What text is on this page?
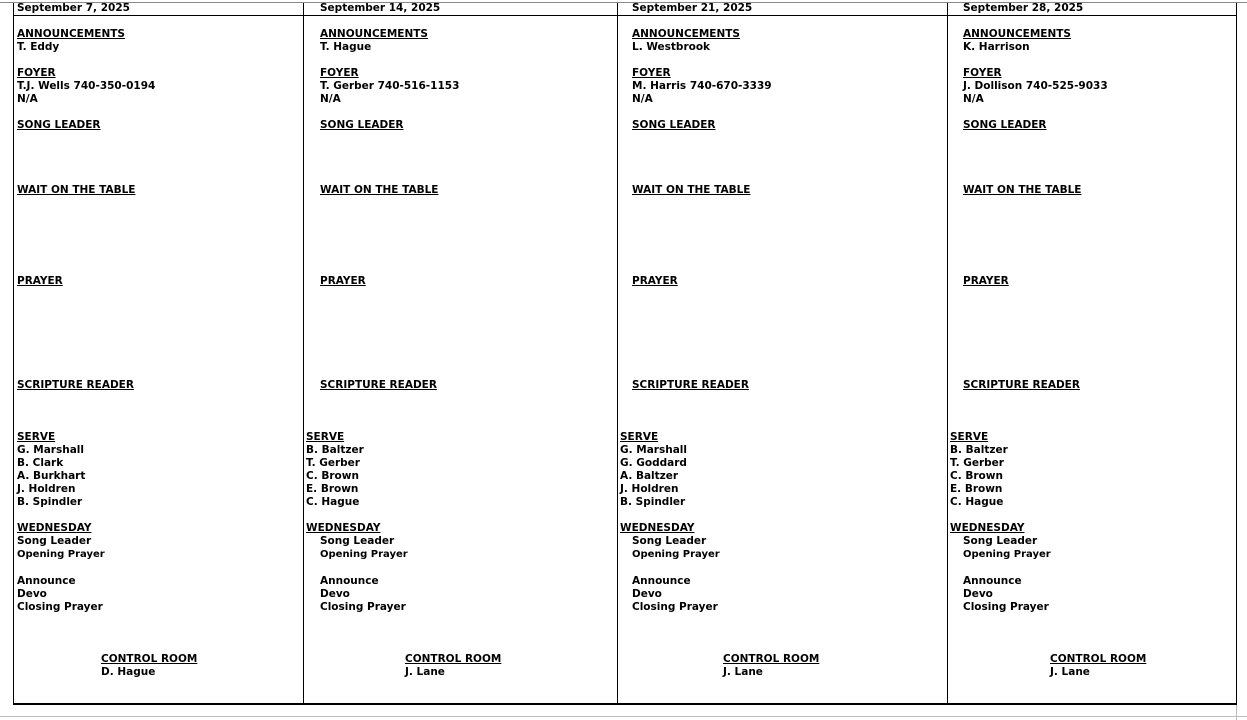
September 7, 2025
ANNOUNCEMENTS
T. Eddy
FOYER
T.J. Wells 740-350-0194
N/A
SONG LEADER
WAIT ON THE TABLE
PRAYER
SCRIPTURE READER
SERVE
G. Marshall
B. Clark
A. Burkhart
J. Holdren
B. Spindler
WEDNESDAY
Song Leader
Opening Prayer
Announce
Devo
Closing Prayer
CONTROL ROOM
D. Hague
September 14, 2025
ANNOUNCEMENTS
T. Hague
FOYER
T. Gerber 740-516-1153
N/A
SONG LEADER
WAIT ON THE TABLE
PRAYER
SCRIPTURE READER
SERVE
B. Baltzer
T. Gerber
C. Brown
E. Brown
C. Hague
WEDNESDAY
Song Leader
Opening Prayer
Announce
Devo
Closing Prayer
CONTROL ROOM
J. Lane
September 21, 2025
ANNOUNCEMENTS
L. Westbrook
FOYER
M. Harris 740-670-3339
N/A
SONG LEADER
WAIT ON THE TABLE
PRAYER
SCRIPTURE READER
SERVE
G. Marshall
G. Goddard
A. Baltzer
J. Holdren
B. Spindler
WEDNESDAY
Song Leader
Opening Prayer
Announce
Devo
Closing Prayer
CONTROL ROOM
J. Lane
September 28, 2025
ANNOUNCEMENTS
K. Harrison
FOYER
J. Dollison 740-525-9033
N/A
SONG LEADER
WAIT ON THE TABLE
PRAYER
SCRIPTURE READER
SERVE
B. Baltzer
T. Gerber
C. Brown
E. Brown
C. Hague
WEDNESDAY
Song Leader
Opening Prayer
Announce
Devo
Closing Prayer
CONTROL ROOM
J. Lane
